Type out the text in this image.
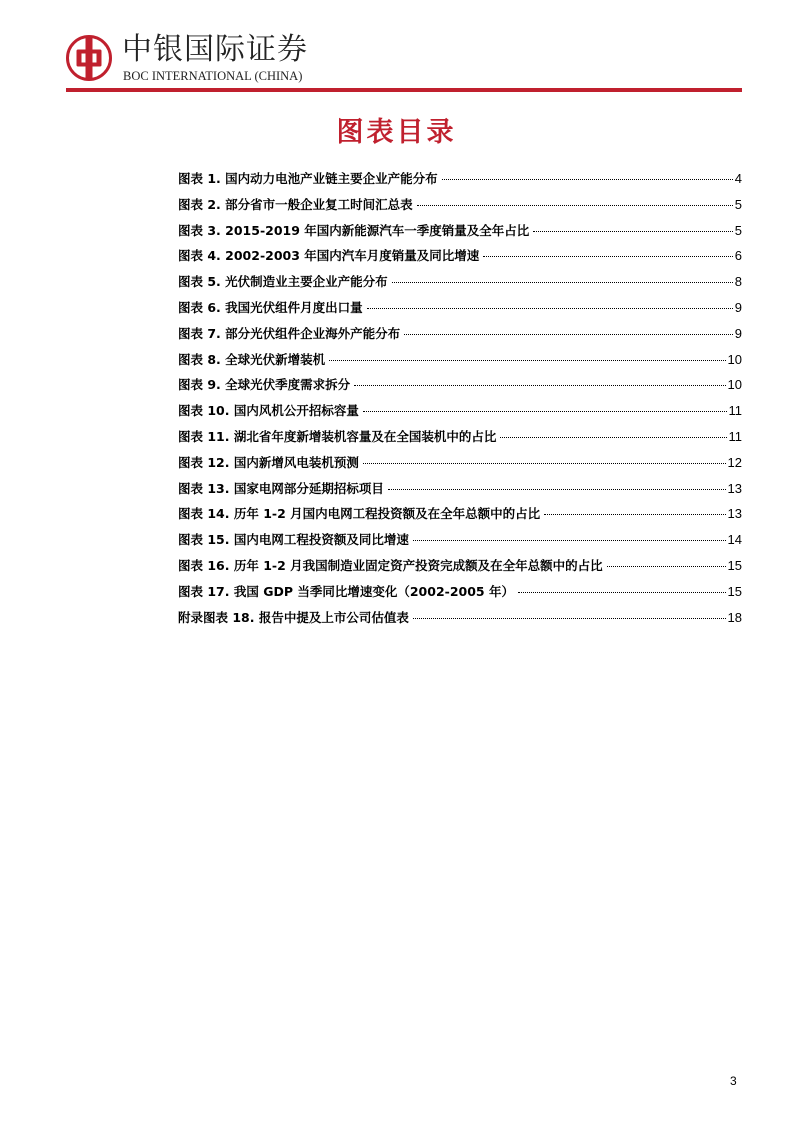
中银国际证券
BOC INTERNATIONAL (CHINA)
图表目录
图表 1. 国内动力电池产业链主要企业产能分布	4
图表 2. 部分省市一般企业复工时间汇总表	5
图表 3. 2015-2019 年国内新能源汽车一季度销量及全年占比	5
图表 4. 2002-2003 年国内汽车月度销量及同比增速	6
图表 5. 光伏制造业主要企业产能分布	8
图表 6. 我国光伏组件月度出口量	9
图表 7. 部分光伏组件企业海外产能分布	9
图表 8. 全球光伏新增装机	10
图表 9. 全球光伏季度需求拆分	10
图表 10. 国内风机公开招标容量	11
图表 11. 湖北省年度新增装机容量及在全国装机中的占比	11
图表 12. 国内新增风电装机预测	12
图表 13. 国家电网部分延期招标项目	13
图表 14. 历年 1-2 月国内电网工程投资额及在全年总额中的占比	13
图表 15. 国内电网工程投资额及同比增速	14
图表 16. 历年 1-2 月我国制造业固定资产投资完成额及在全年总额中的占比	15
图表 17. 我国 GDP 当季同比增速变化（2002-2005 年）	15
附录图表 18. 报告中提及上市公司估值表	18
3
